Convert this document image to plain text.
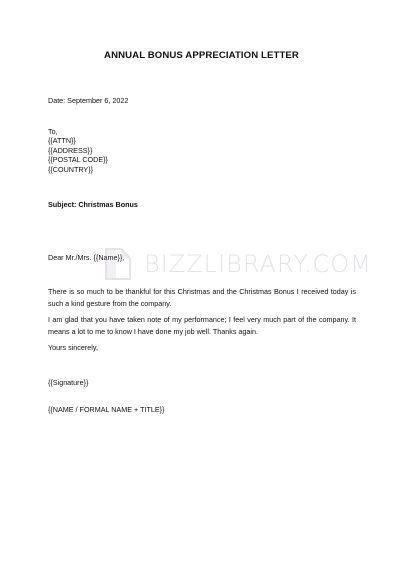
ANNUAL BONUS APPRECIATION LETTER
Date: September 6, 2022
To,
{{ATTN}}
{{ADDRESS}}
{{POSTAL CODE}}
{{COUNTRY}}
Subject: Christmas Bonus
Dear Mr./Mrs. {{Name}}, BIZZLIBRARY.COM
There is so much to be thankful for this Christmas and the Christmas Bonus I received today is such a kind gesture from the company.
I am glad that you have taken note of my performance; I feel very much part of the company. It means a lot to me to know I have done my job well. Thanks again.
Yours sincerely,
{{Signature}}
{{NAME / FORMAL NAME + TITLE}}
